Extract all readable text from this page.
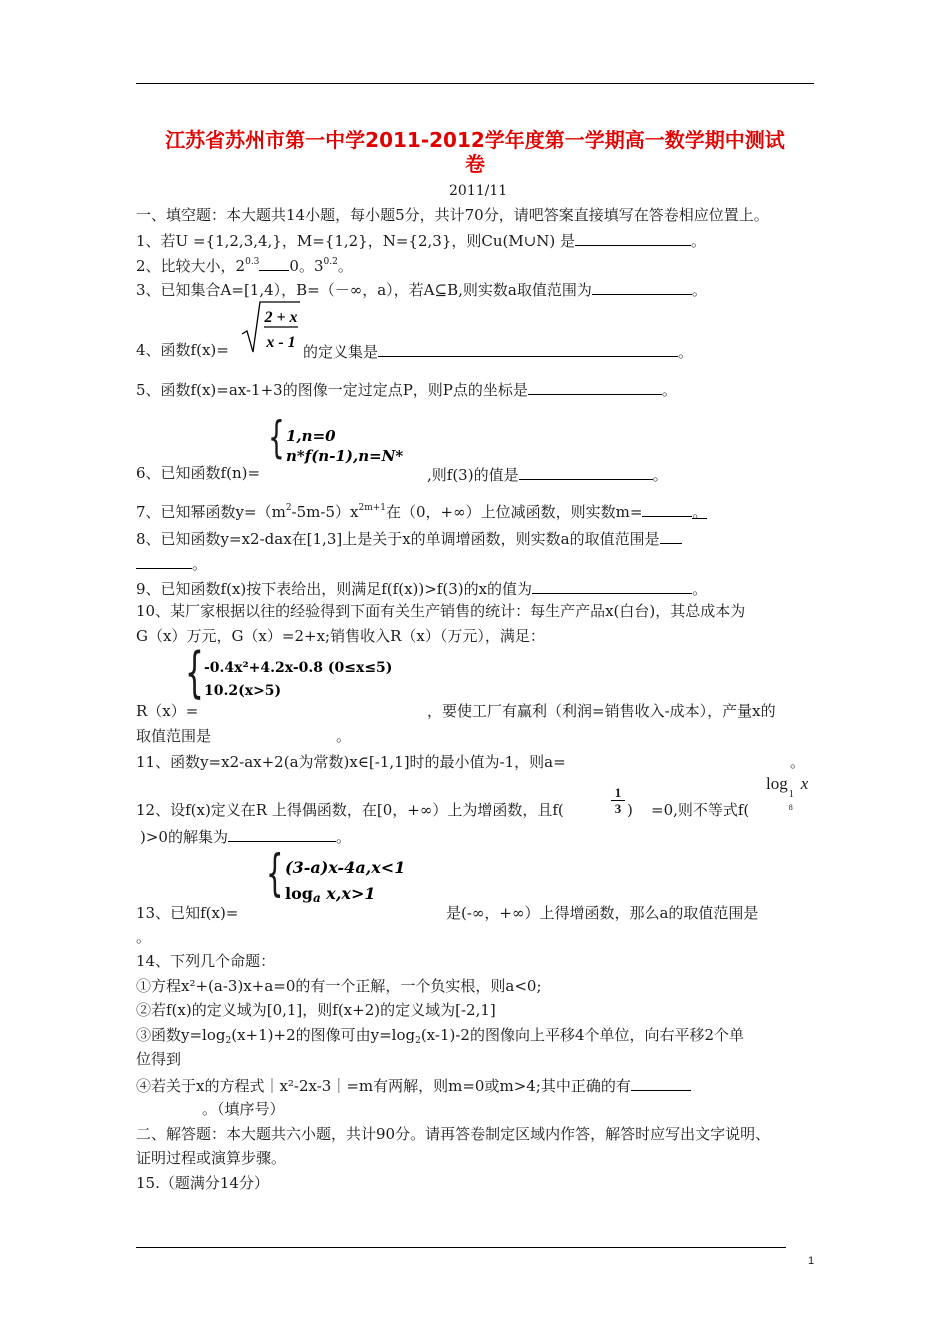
江苏省苏州市第一中学2011-2012学年度第一学期高一数学期中测试
卷
2011/11
一、填空题：本大题共14小题，每小题5分，共计70分，请吧答案直接填写在答卷相应位置上。
1、若U ={1,2,3,4,}，M={1,2}，N={2,3}，则Cu(M∪N) 是	。
2、比较大小，$2^{0.3}$ 0。$3^{0.2}$。
3、已知集合A=[1,4），B=（－∞，a），若A⊆B,则实数a取值范围为	。
4、函数f(x)=
2 + x
x - 1
的定义集是	。
5、函数f(x)=ax-1+3的图像一定过定点P，则P点的坐标是	。
{ 1,n=0
n*f(n-1),n=N*
6、已知函数f(n)=	,则f(3)的值是	。
7、已知幂函数$y=(m^2-5m-5)x^{2m+1}$在（0，+∞）上位减函数，则实数m=	。
8、已知函数y=x2-dax在[1,3]上是关于x的单调增函数，则实数a的取值范围是
。
9、已知函数f(x)按下表给出，则满足f(f(x))>f(3)的x的值为	。
10、某厂家根据以往的经验得到下面有关生产销售的统计：每生产产品x(白台)，其总成本为
G（x）万元，G（x）=2+x;销售收入R（x）（万元），满足：
{ -0.4x²+4.2x-0.8 (0≤x≤5)
10.2(x>5)
R（x）=	，要使工厂有赢利（利润=销售收入-成本），产量x的
取值范围是	。
11、函数y=x2-ax+2(a为常数)x∈[-1,1]时的最小值为-1，则a=	。
log
1
8
x
12、设f(x)定义在R 上得偶函数，在[0，+∞）上为增函数，且f(	$\frac{1}{3}$ ) =0,则不等式f(
)>0的解集为	。
{ (3-a)x-4a,x<1
$\log_a x,x>1$
13、已知f(x)=	是(-∞，+∞）上得增函数，那么a的取值范围是
。
14、下列几个命题：
①方程x²+(a-3)x+a=0的有一个正解，一个负实根，则a<0;
②若f(x)的定义域为[0,1]，则f(x+2)的定义域为[-2,1]
③函数$y=\log_2(x+1)+2$的图像可由$y=\log_2(x-1)-2$的图像向上平移4个单位，向右平移2个单
位得到
④若关于x的方程式｜x²-2x-3｜=m有两解，则m=0或m>4;其中正确的有
。（填序号）
二、解答题：本大题共六小题，共计90分。请再答卷制定区域内作答，解答时应写出文字说明、
证明过程或演算步骤。
15.（题满分14分）
1
